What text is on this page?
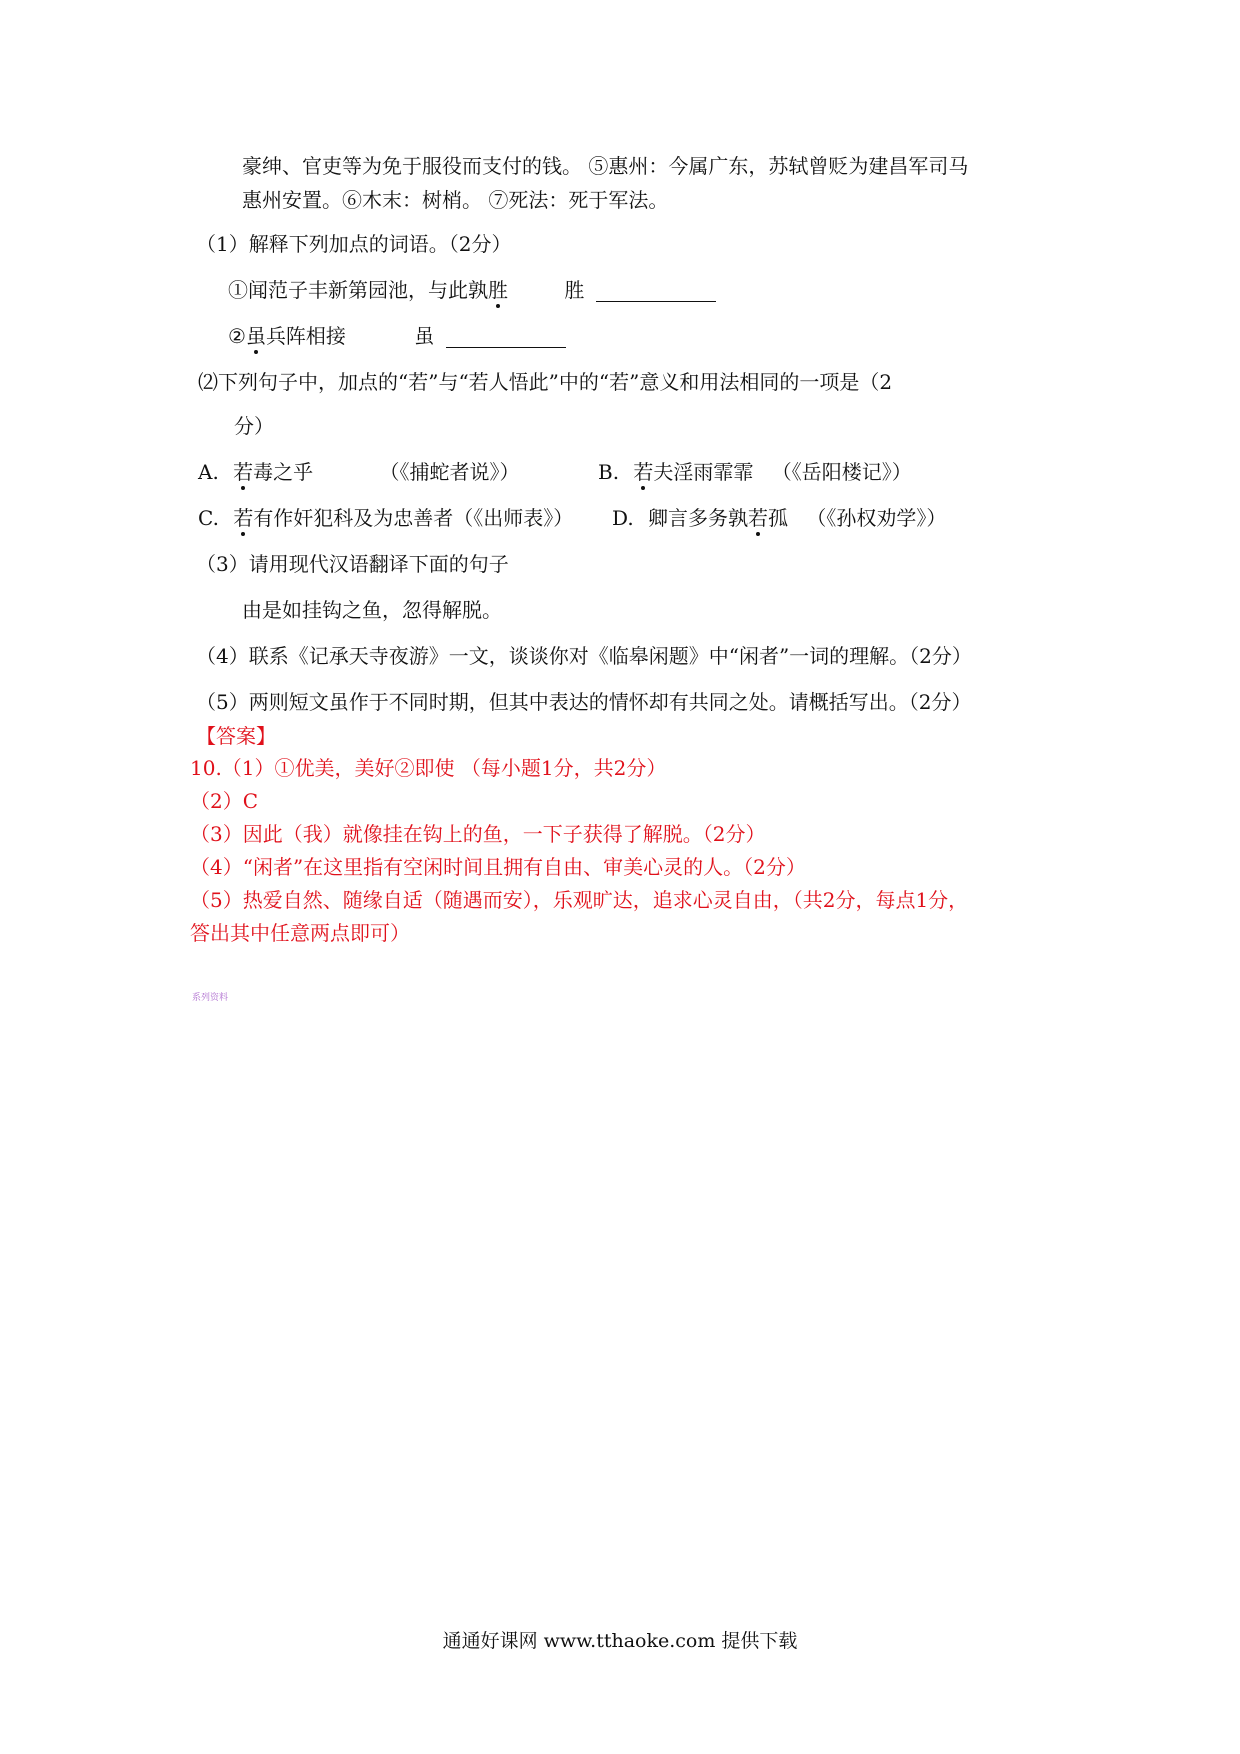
豪绅、官吏等为免于服役而支付的钱。 ⑤惠州：今属广东，苏轼曾贬为建昌军司马
惠州安置。⑥木末：树梢。 ⑦死法：死于军法。
（1）解释下列加点的词语。（2分）
①闻范子丰新第园池，与此孰胜	胜
②虽兵阵相接	虽
⑵下列句子中，加点的“若”与“若人悟此”中的“若”意义和用法相同的一项是（2
分）
A. 若毒之乎	（《捕蛇者说》）	B. 若夫淫雨霏霏 （《岳阳楼记》）
C. 若有作奸犯科及为忠善者（《出师表》） D. 卿言多务孰若孤 （《孙权劝学》）
（3）请用现代汉语翻译下面的句子
由是如挂钩之鱼，忽得解脱。
（4）联系《记承天寺夜游》一文，谈谈你对《临皋闲题》中“闲者”一词的理解。（2分）
（5）两则短文虽作于不同时期，但其中表达的情怀却有共同之处。请概括写出。（2分）
【答案】
10.（1）①优美，美好②即使 （每小题1分，共2分）
（2）C
（3）因此（我）就像挂在钩上的鱼，一下子获得了解脱。（2分）
（4）“闲者”在这里指有空闲时间且拥有自由、审美心灵的人。（2分）
（5）热爱自然、随缘自适（随遇而安），乐观旷达，追求心灵自由，（共2分，每点1分，
答出其中任意两点即可）
系列资料
通通好课网 www.tthaoke.com 提供下载
